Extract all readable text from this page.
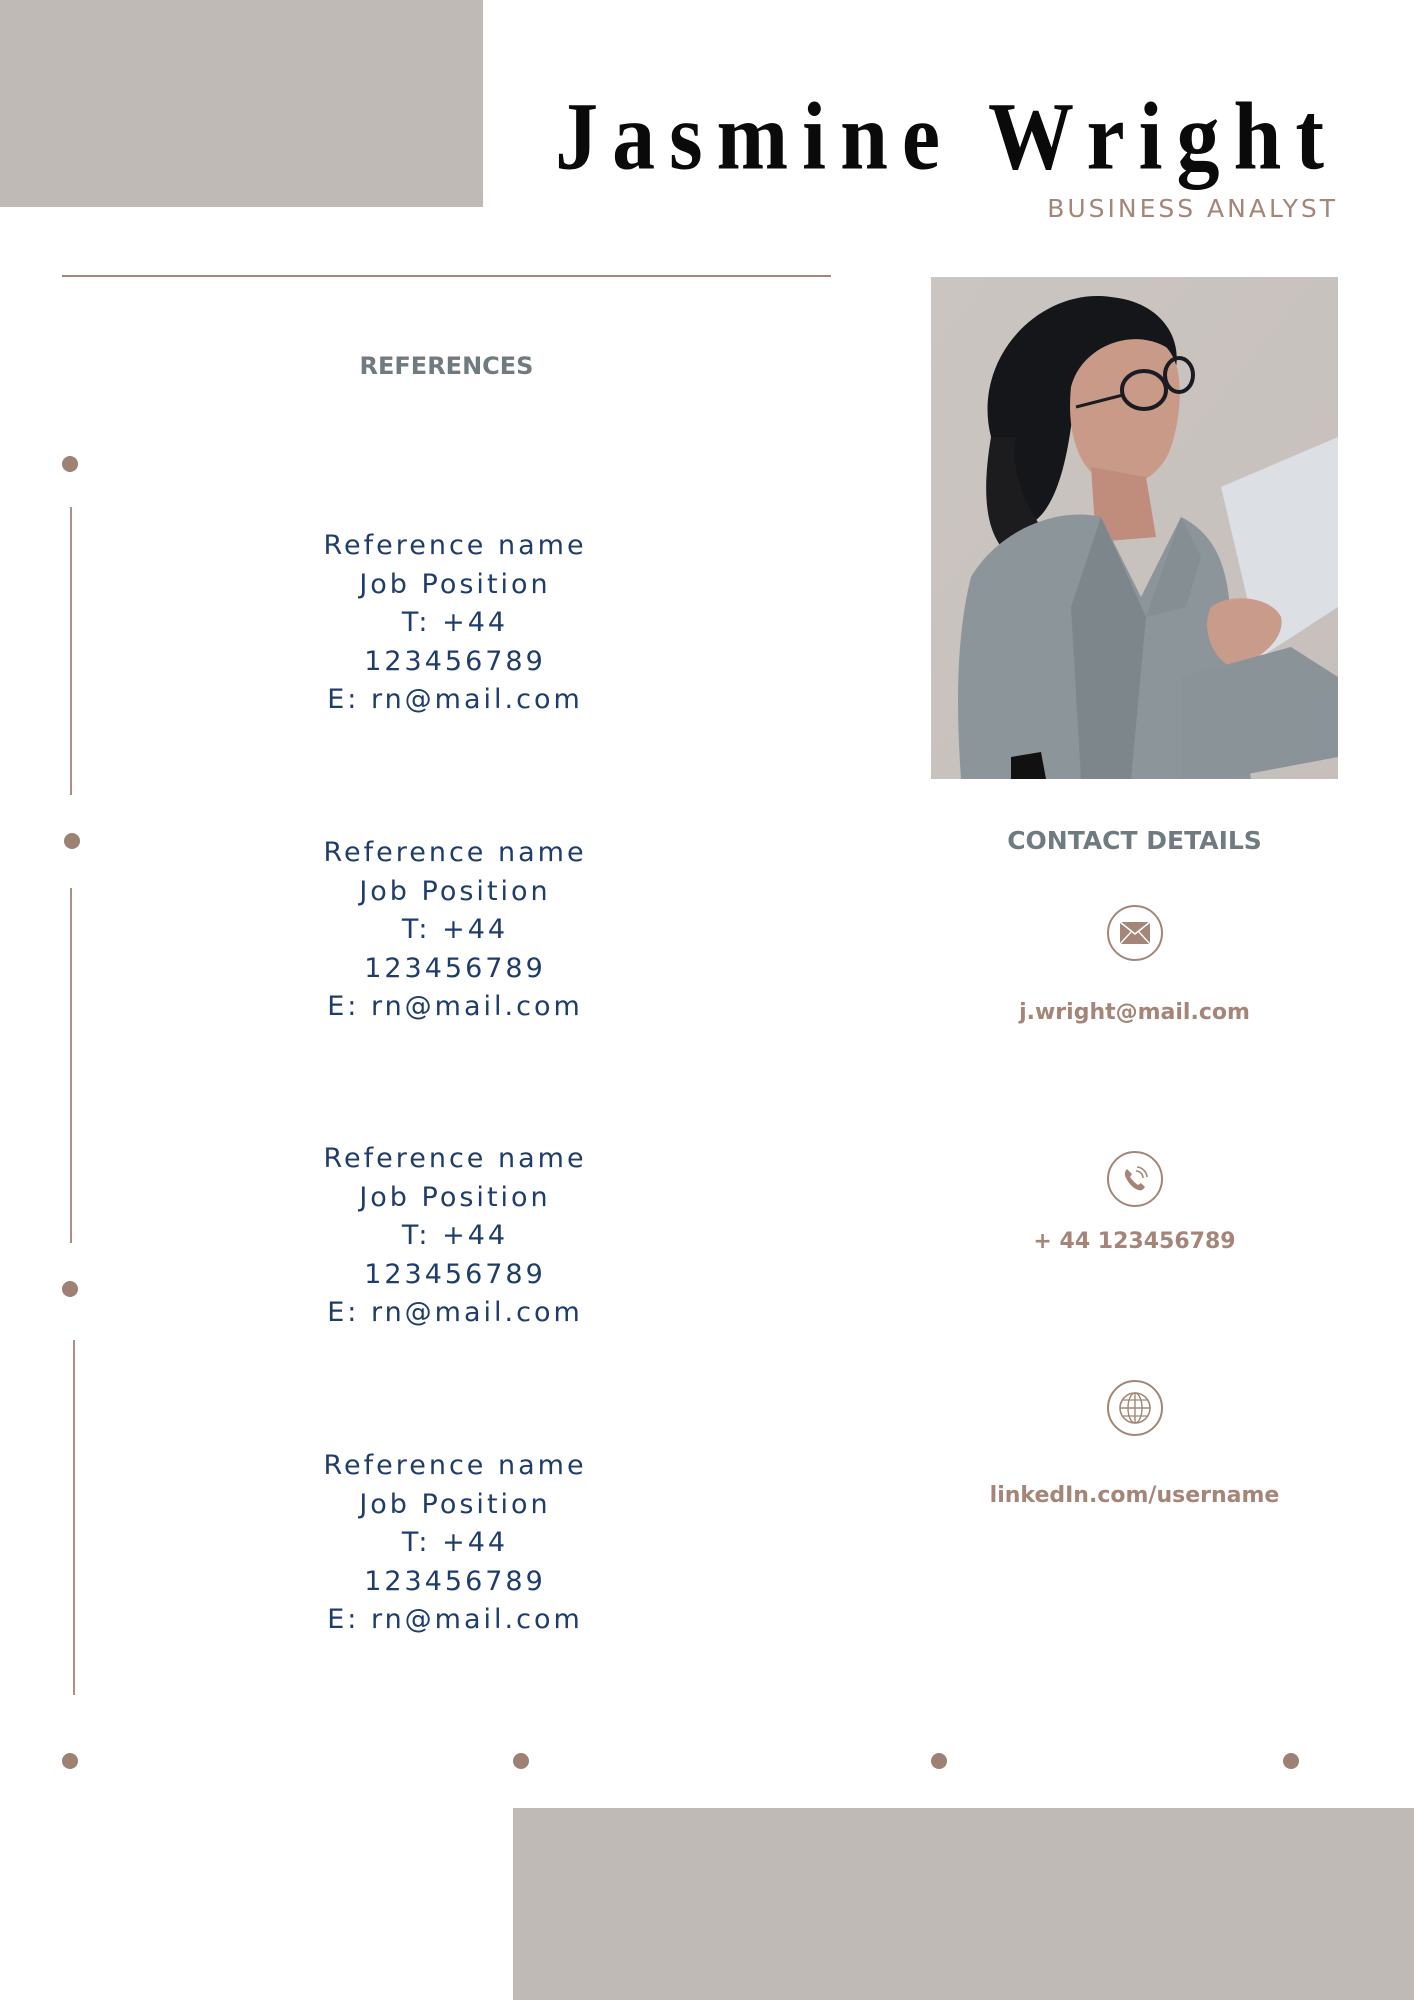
Jasmine Wright
BUSINESS ANALYST
REFERENCES
Reference name
Job Position
T: +44
123456789
E: rn@mail.com
Reference name
Job Position
T: +44
123456789
E: rn@mail.com
Reference name
Job Position
T: +44
123456789
E: rn@mail.com
Reference name
Job Position
T: +44
123456789
E: rn@mail.com
CONTACT DETAILS
j.wright@mail.com
+ 44 123456789
linkedIn.com/username
